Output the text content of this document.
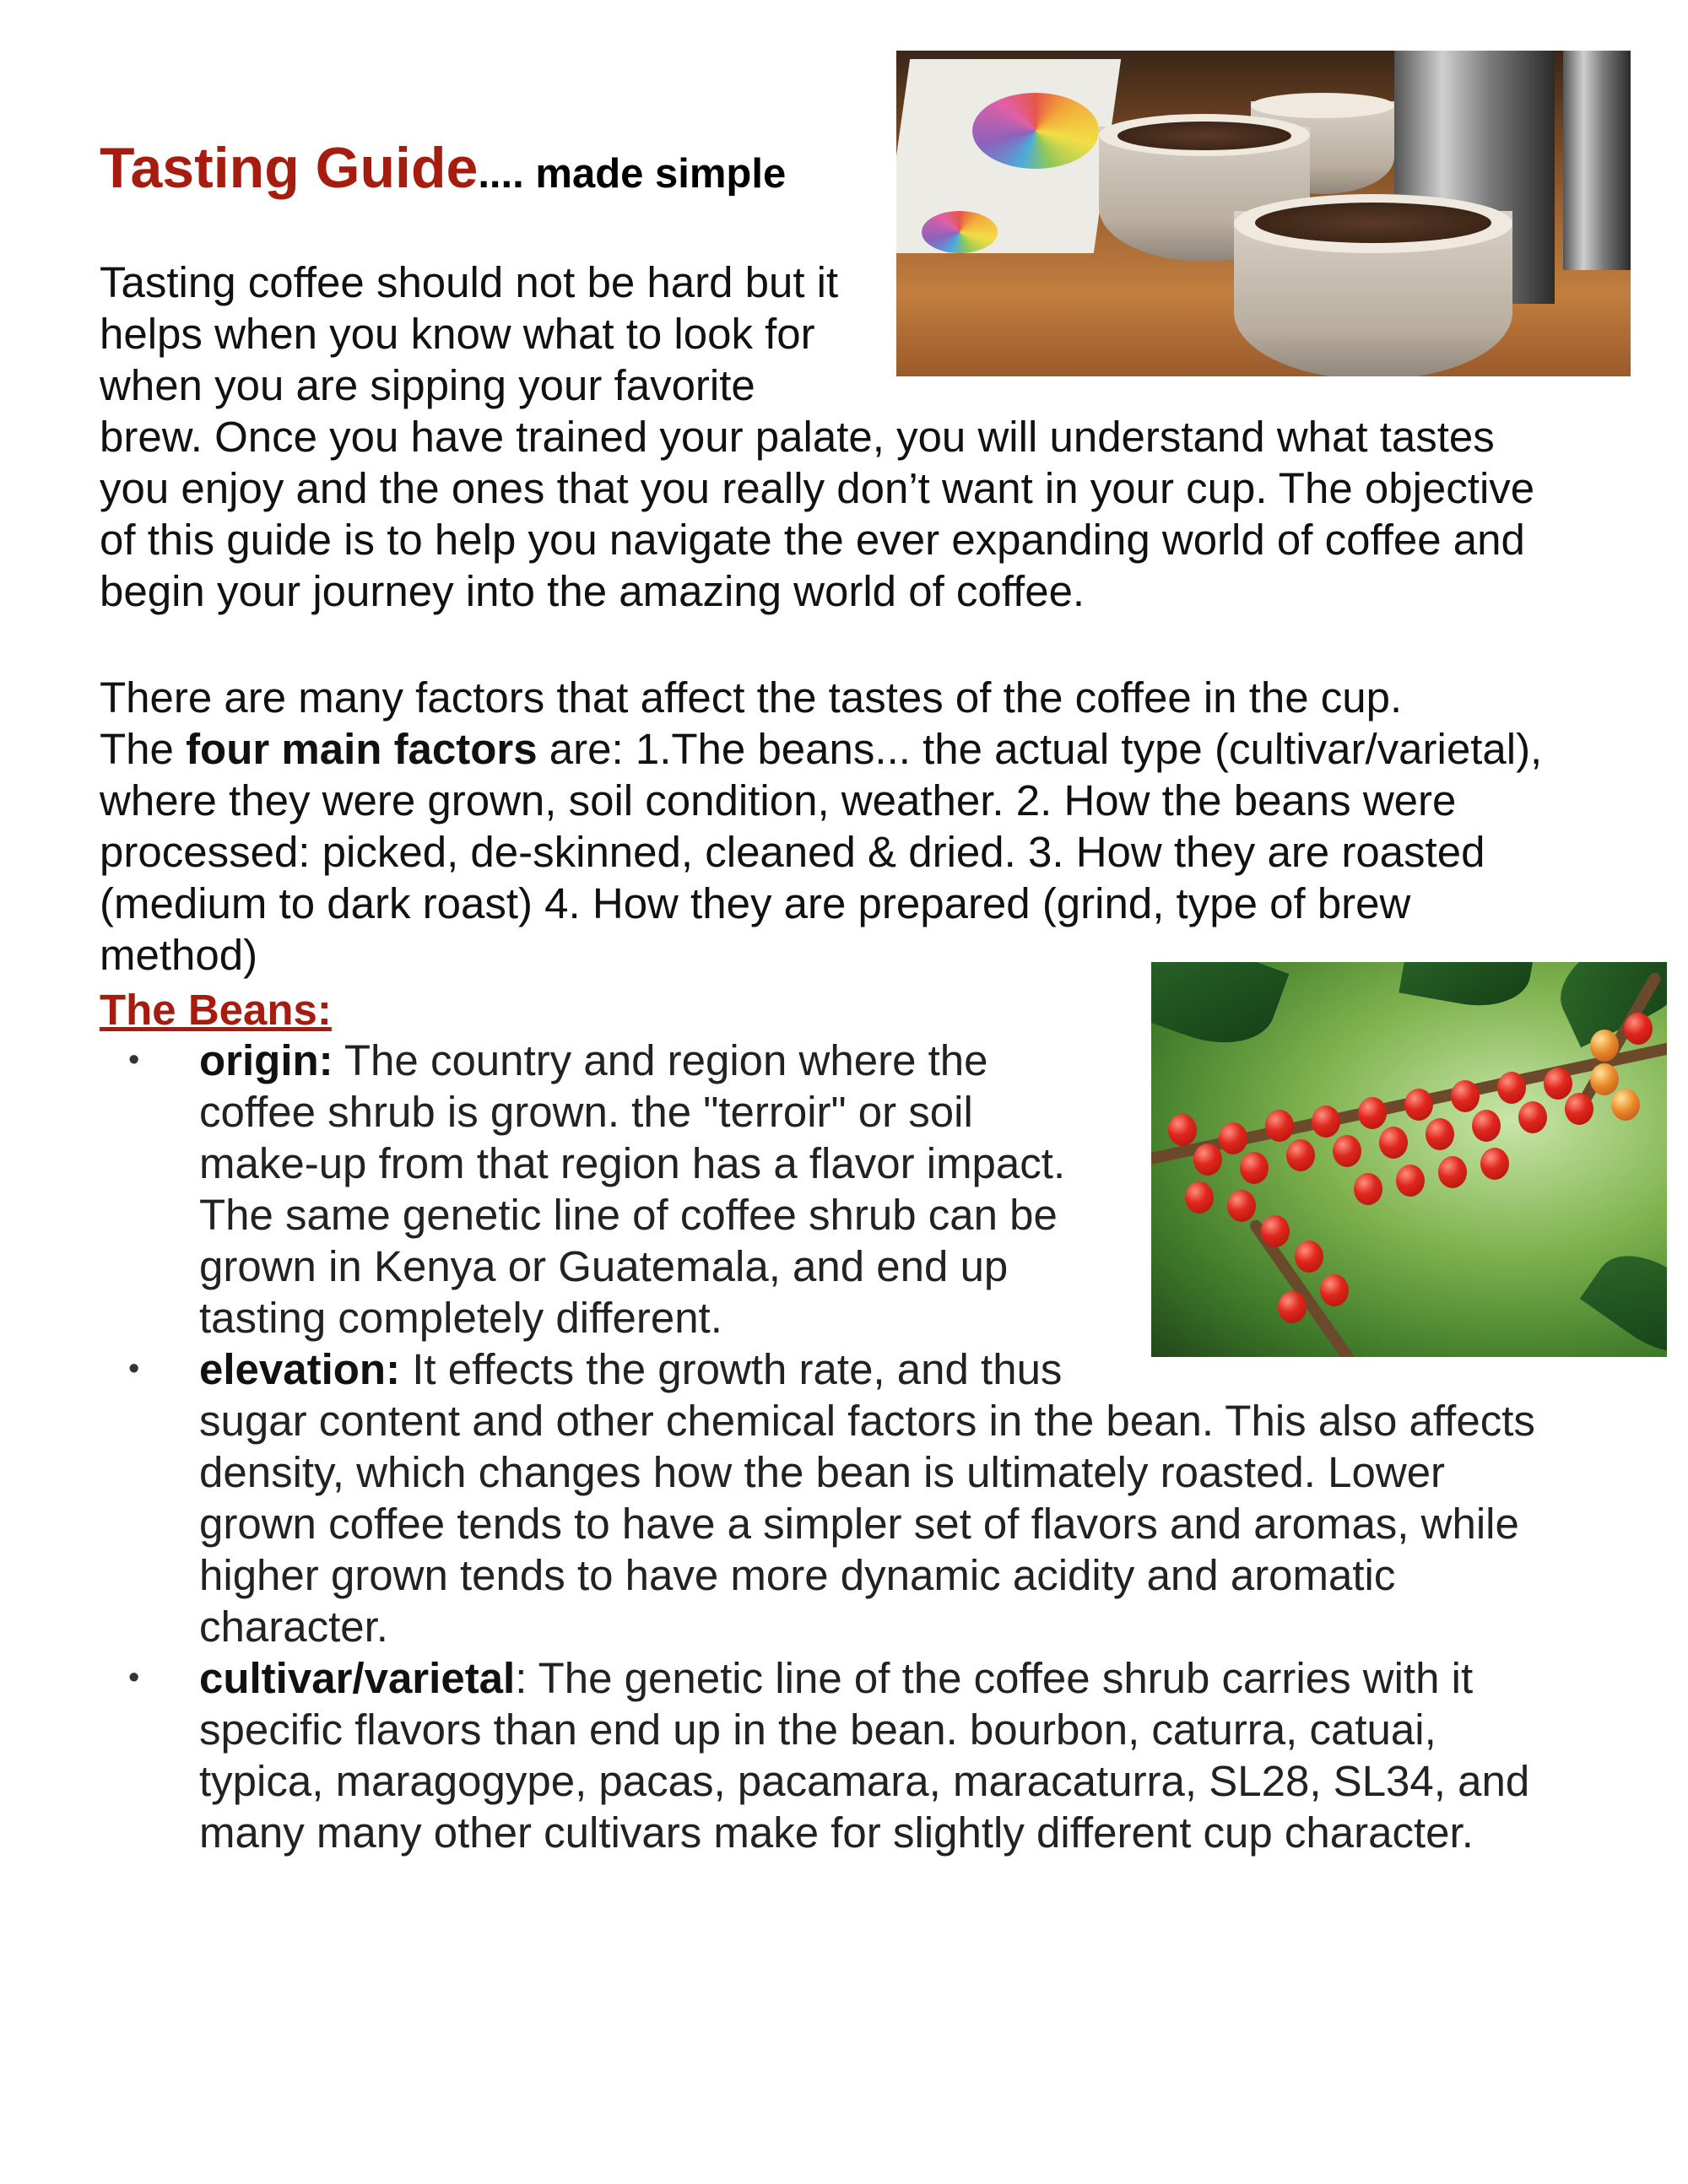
Tasting Guide.... made simple
Tasting coffee should not be hard but it
helps when you know what to look for
when you are sipping your favorite
brew. Once you have trained your palate, you will understand what tastes
you enjoy and the ones that you really don’t want in your cup. The objective
of this guide is to help you navigate the ever expanding world of coffee and
begin your journey into the amazing world of coffee.
There are many factors that affect the tastes of the coffee in the cup.
The four main factors are: 1.The beans... the actual type (cultivar/varietal),
where they were grown, soil condition, weather. 2. How the beans were
processed: picked, de-skinned, cleaned & dried. 3. How they are roasted
(medium to dark roast) 4. How they are prepared (grind, type of brew
method)
The Beans:
• origin: The country and region where the
coffee shrub is grown. the "terroir" or soil
make-up from that region has a flavor impact.
The same genetic line of coffee shrub can be
grown in Kenya or Guatemala, and end up
tasting completely different.
• elevation: It effects the growth rate, and thus
sugar content and other chemical factors in the bean. This also affects
density, which changes how the bean is ultimately roasted. Lower
grown coffee tends to have a simpler set of flavors and aromas, while
higher grown tends to have more dynamic acidity and aromatic
character.
• cultivar/varietal: The genetic line of the coffee shrub carries with it
specific flavors than end up in the bean. bourbon, caturra, catuai,
typica, maragogype, pacas, pacamara, maracaturra, SL28, SL34, and
many many other cultivars make for slightly different cup character.
